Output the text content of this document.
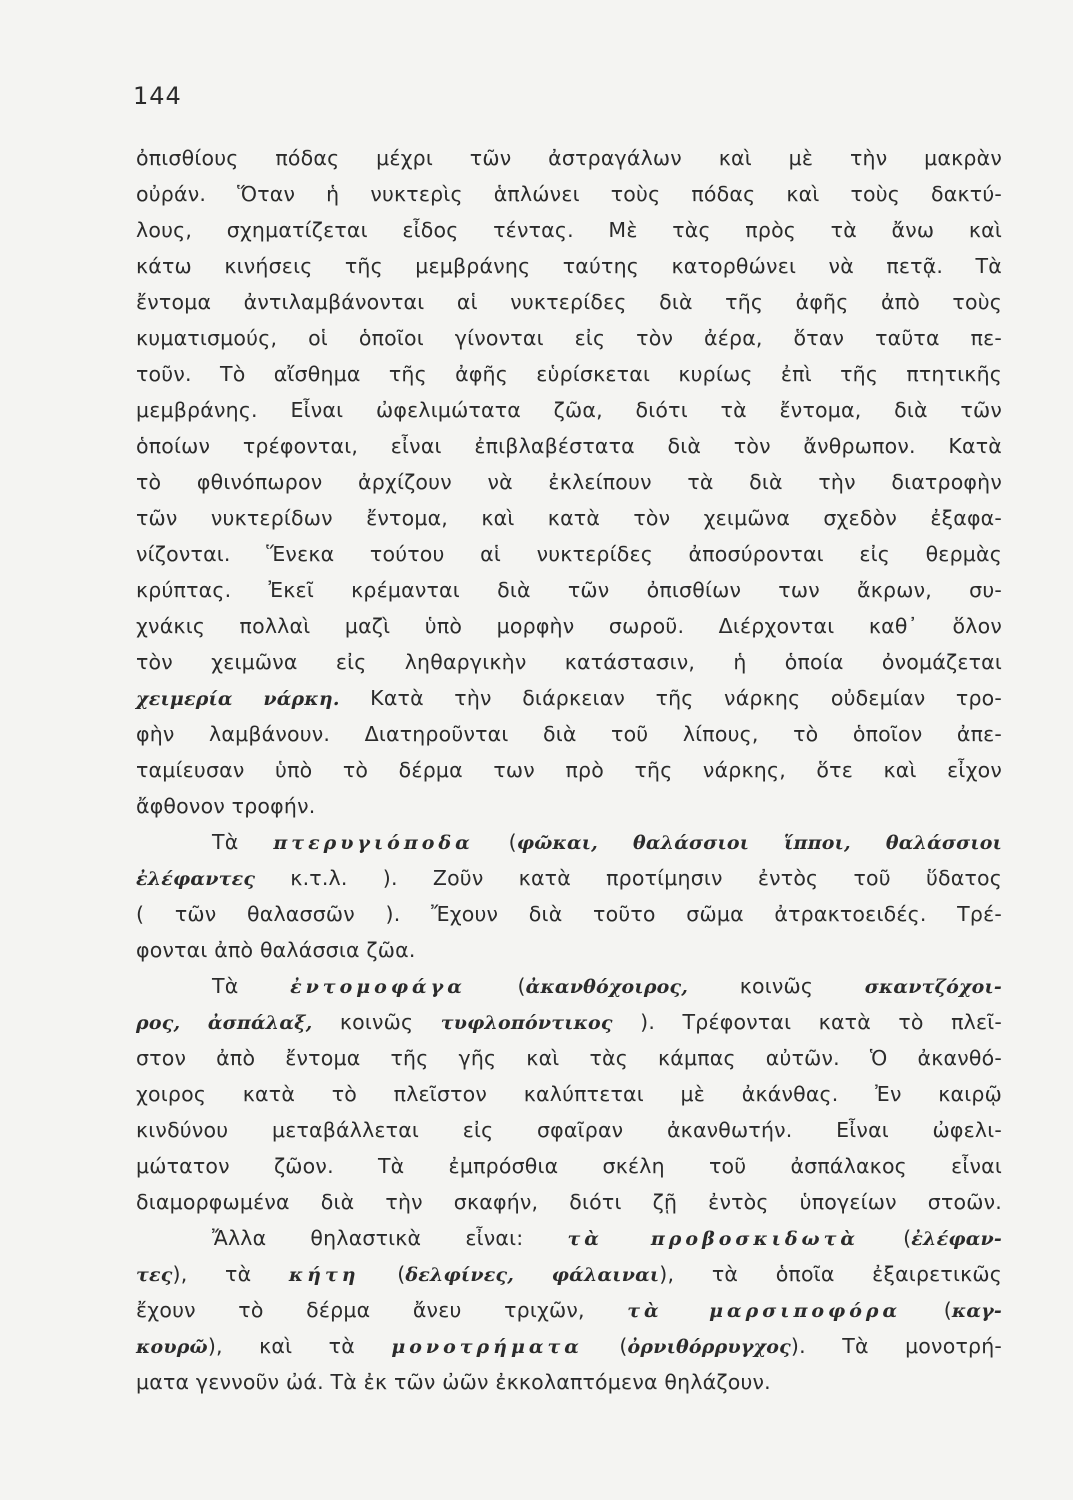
144
ὀπισθίους πόδας μέχρι τῶν ἀστραγάλων καὶ μὲ τὴν μακρὰν
οὐράν. Ὅταν ἡ νυκτερὶς ἁπλώνει τοὺς πόδας καὶ τοὺς δακτύ-
λους, σχηματίζεται εἶδος τέντας. Μὲ τὰς πρὸς τὰ ἄνω καὶ
κάτω κινήσεις τῆς μεμβράνης ταύτης κατορθώνει νὰ πετᾷ. Τὰ
ἔντομα ἀντιλαμβάνονται αἱ νυκτερίδες διὰ τῆς ἀφῆς ἀπὸ τοὺς
κυματισμούς, οἱ ὁποῖοι γίνονται εἰς τὸν ἀέρα, ὅταν ταῦτα πε-
τοῦν. Τὸ αἴσθημα τῆς ἀφῆς εὑρίσκεται κυρίως ἐπὶ τῆς πτητικῆς
μεμβράνης. Εἶναι ὠφελιμώτατα ζῶα, διότι τὰ ἔντομα, διὰ τῶν
ὁποίων τρέφονται, εἶναι ἐπιβλαβέστατα διὰ τὸν ἄνθρωπον. Κατὰ
τὸ φθινόπωρον ἀρχίζουν νὰ ἐκλείπουν τὰ διὰ τὴν διατροφὴν
τῶν νυκτερίδων ἔντομα, καὶ κατὰ τὸν χειμῶνα σχεδὸν ἐξαφα-
νίζονται. Ἕνεκα τούτου αἱ νυκτερίδες ἀποσύρονται εἰς θερμὰς
κρύπτας. Ἐκεῖ κρέμανται διὰ τῶν ὀπισθίων των ἄκρων, συ-
χνάκις πολλαὶ μαζὶ ὑπὸ μορφὴν σωροῦ. Διέρχονται καθ᾽ ὅλον
τὸν χειμῶνα εἰς ληθαργικὴν κατάστασιν, ἡ ὁποία ὀνομάζεται
χειμερία νάρκη. Κατὰ τὴν διάρκειαν τῆς νάρκης οὐδεμίαν τρο-
φὴν λαμβάνουν. Διατηροῦνται διὰ τοῦ λίπους, τὸ ὁποῖον ἀπε-
ταμίευσαν ὑπὸ τὸ δέρμα των πρὸ τῆς νάρκης, ὅτε καὶ εἶχον
ἄφθονον τροφήν.
Τὰ πτερυγιόποδα (φῶκαι, θαλάσσιοι ἵπποι, θαλάσσιοι
ἐλέφαντες κ.τ.λ. ). Ζοῦν κατὰ προτίμησιν ἐντὸς τοῦ ὕδατος
( τῶν θαλασσῶν ). Ἔχουν διὰ τοῦτο σῶμα ἀτρακτοειδές. Τρέ-
φονται ἀπὸ θαλάσσια ζῶα.
Τὰ ἐντομοφάγα (ἀκανθόχοιρος, κοινῶς σκαντζόχοι-
ρος, ἀσπάλαξ, κοινῶς τυφλοπόντικος ). Τρέφονται κατὰ τὸ πλεῖ-
στον ἀπὸ ἔντομα τῆς γῆς καὶ τὰς κάμπας αὐτῶν. Ὁ ἀκανθό-
χοιρος κατὰ τὸ πλεῖστον καλύπτεται μὲ ἀκάνθας. Ἐν καιρῷ
κινδύνου μεταβάλλεται εἰς σφαῖραν ἀκανθωτήν. Εἶναι ὠφελι-
μώτατον ζῶον. Τὰ ἐμπρόσθια σκέλη τοῦ ἀσπάλακος εἶναι
διαμορφωμένα διὰ τὴν σκαφήν, διότι ζῇ ἐντὸς ὑπογείων στοῶν.
Ἄλλα θηλαστικὰ εἶναι: τὰ προβοσκιδωτὰ (ἐλέφαν-
τες), τὰ κήτη (δελφίνες, φάλαιναι), τὰ ὁποῖα ἐξαιρετικῶς
ἔχουν τὸ δέρμα ἄνευ τριχῶν, τὰ μαρσιποφόρα (καγ-
κουρῶ), καὶ τὰ μονοτρήματα (ὀρνιθόρρυγχος). Τὰ μονοτρή-
ματα γεννοῦν ὠά. Τὰ ἐκ τῶν ὠῶν ἐκκολαπτόμενα θηλάζουν.
